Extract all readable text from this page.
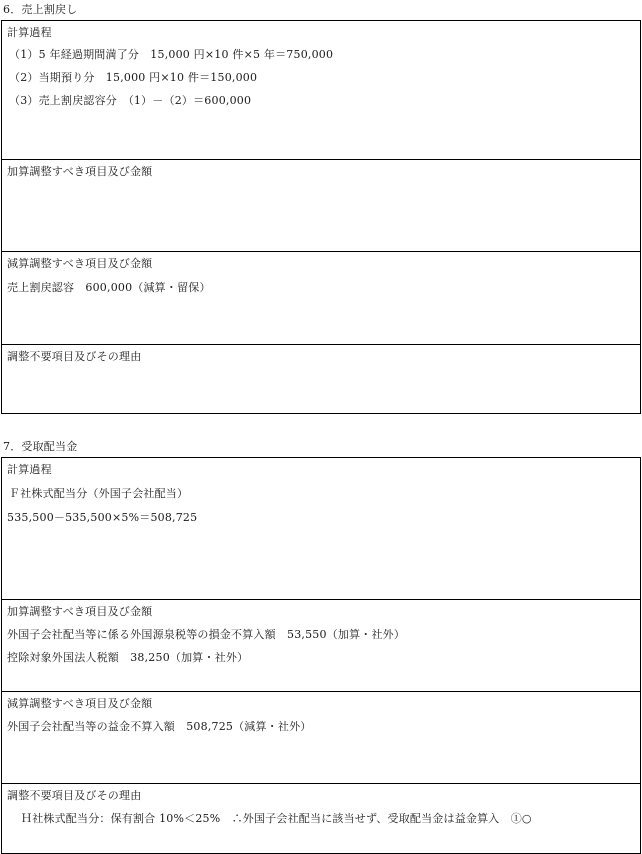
6．売上割戻し
計算過程
（1）5 年経過期間満了分　15,000 円×10 件×5 年＝750,000
（2）当期預り分　15,000 円×10 件＝150,000
（3）売上割戻認容分　（1）－（2）＝600,000
加算調整すべき項目及び金額
減算調整すべき項目及び金額
売上割戻認容　600,000（減算・留保）
調整不要項目及びその理由
7．受取配当金
計算過程
Ｆ社株式配当分（外国子会社配当）
535,500－535,500×5%＝508,725
加算調整すべき項目及び金額
外国子会社配当等に係る外国源泉税等の損金不算入額　53,550（加算・社外）
控除対象外国法人税額　38,250（加算・社外）
減算調整すべき項目及び金額
外国子会社配当等の益金不算入額　508,725（減算・社外）
調整不要項目及びその理由
Ｈ社株式配当分：保有割合 10%＜25%　∴外国子会社配当に該当せず、受取配当金は益金算入　①○
